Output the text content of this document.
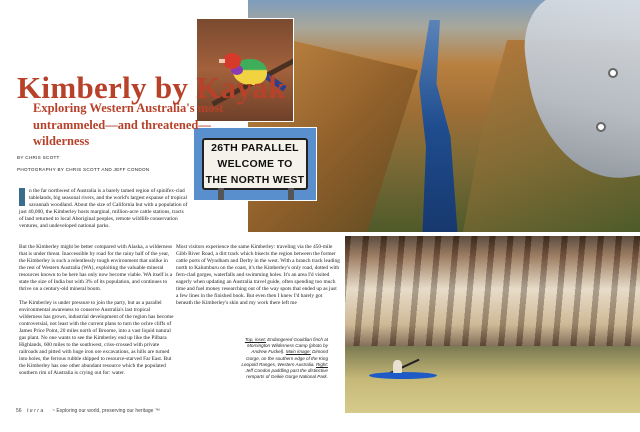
26TH PARALLEL
WELCOME TO
THE NORTH WEST
Kimberly by Kayak
Exploring Western Australia's most
untrammeled—and threatened—wilderness
BY CHRIS SCOTT
PHOTOGRAPHY BY CHRIS SCOTT AND JEFF CONDON

n the far northwest of Australia is a barely tamed region of spinifex-clad tablelands, big seasonal rivers, and the world's largest expanse of tropical savannah woodland. About the size of California but with a population of just 40,000, the Kimberley hosts marginal, million-acre cattle stations, tracts of land returned to local Aboriginal peoples, remote wildlife conservation ventures, and undeveloped national parks.

But the Kimberley might be better compared with Alaska, a wilderness that is under threat. Inaccessible by road for the rainy half of the year, the Kimberley is such a relentlessly tough environment that unlike in the rest of Western Australia (WA), exploiting the valuable mineral resources known to be here has only now become viable. WA itself is a state the size of India but with 3% of its population, and continues to thrive on a century-old mineral boom.

The Kimberley is under pressure to join the party, but as a parallel environmental awareness to conserve Australia's last tropical wilderness has grown, industrial development of the region has become controversial, not least with the current plans to turn the ochre cliffs of James Price Point, 20 miles north of Broome, into a vast liquid natural gas plant. No one wants to see the Kimberley end up like the Pilbara Highlands, 600 miles to the southwest, criss-crossed with private railroads and pitted with huge iron ore excavations, as hills are turned into holes, the ferrous rubble shipped to resource-starved Far East. But the Kimberley has one other abundant resource which the populated southern rim of Australia is crying out for: water.

Most visitors experience the same Kimberley: traveling via the 450-mile Gibb River Road, a dirt track which bisects the region between the former cattle ports of Wyndham and Derby in the west. With a branch track leading north to Kalumburu on the coast, it's the Kimberley's only road, dotted with fern-clad gorges, waterfalls and swimming holes. It's an area I'd visited eagerly when updating an Australia travel guide, often spending too much time and fuel money researching out of the way spots that ended up as just a few lines in the finished book. But even then I knew I'd barely got beneath the Kimberley's skin and my work there left me

Top, inset: Endangered Gouldian finch at Mornington Wilderness Camp (photo by Andrew Fuckel). Main image: Dimond Gorge, on the southern edge of the King Leopold Ranges, Western Australia. Right: Jeff Condon paddling past the distinctive remparts of Geikie Gorge National Park.
56 terra ~ Exploring our world, preserving our heritage ™
